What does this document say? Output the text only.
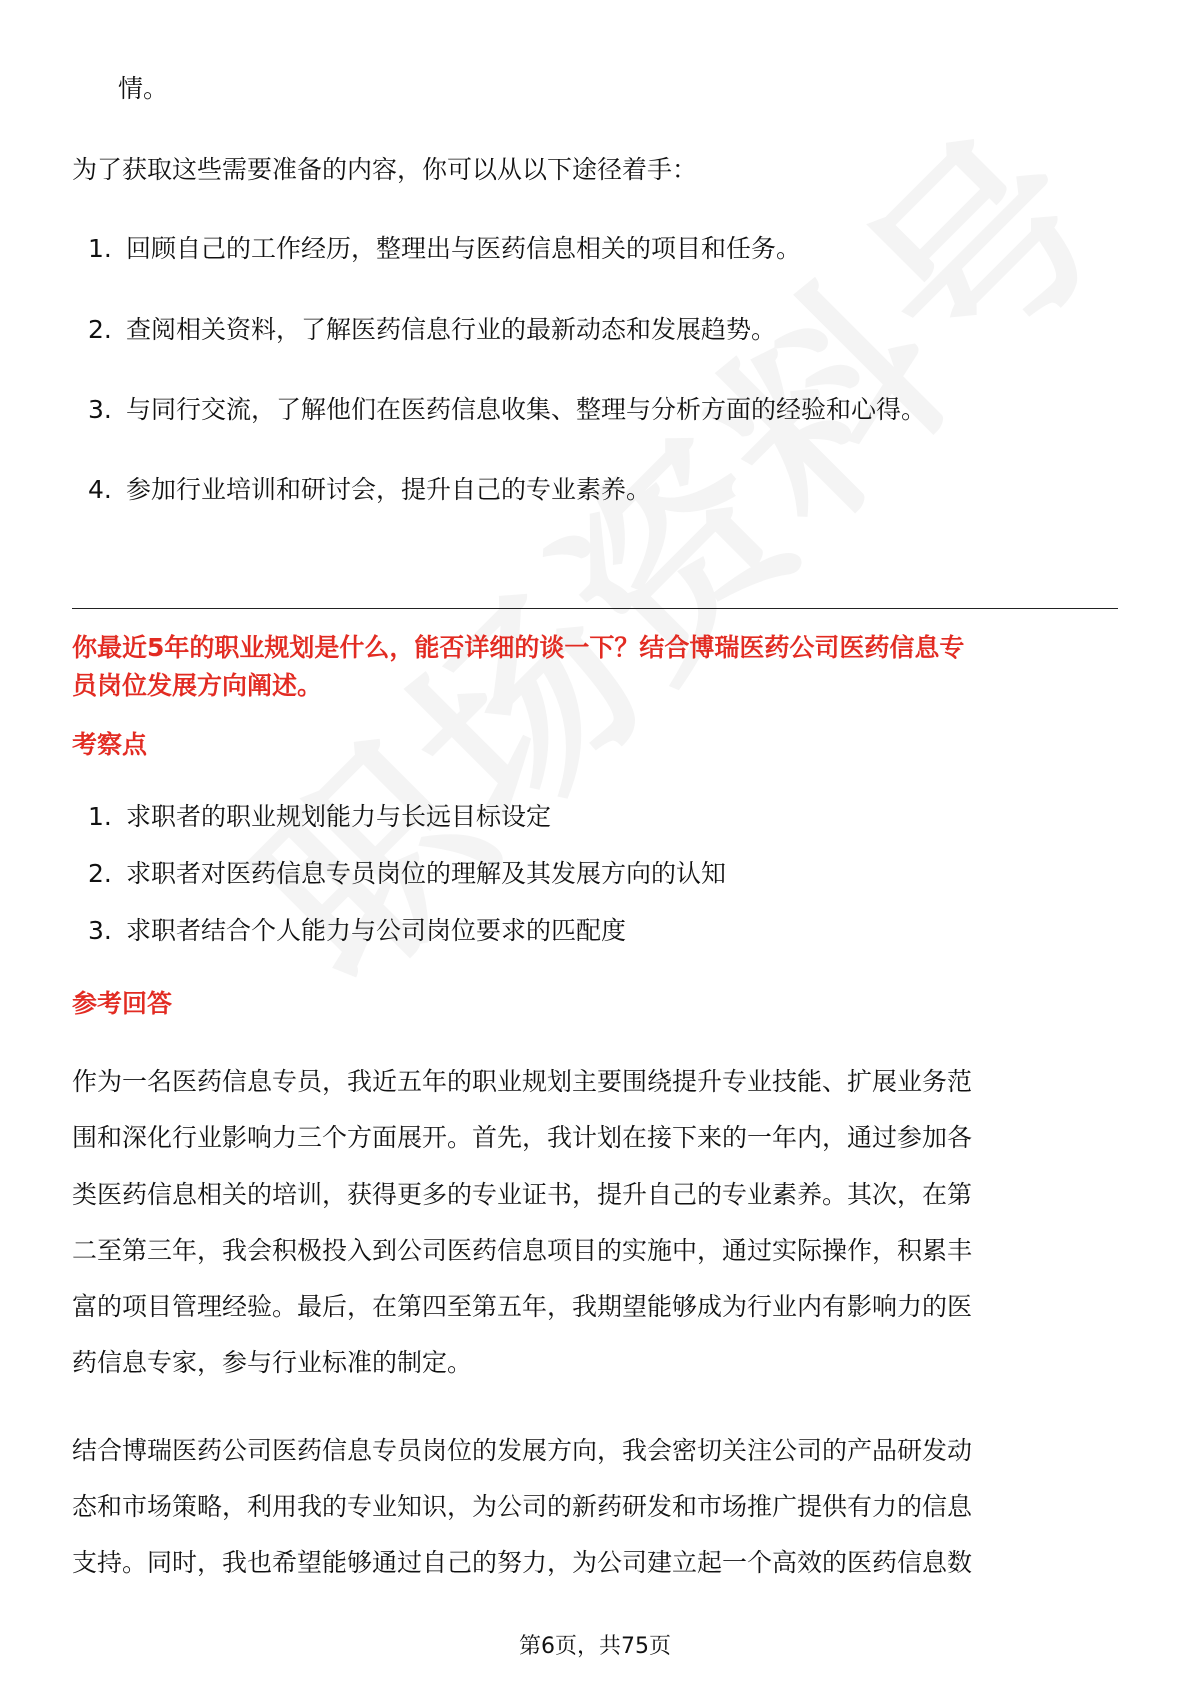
情。
为了获取这些需要准备的内容，你可以从以下途径着手：
1. 回顾自己的工作经历，整理出与医药信息相关的项目和任务。
2. 查阅相关资料，了解医药信息行业的最新动态和发展趋势。
3. 与同行交流，了解他们在医药信息收集、整理与分析方面的经验和心得。
4. 参加行业培训和研讨会，提升自己的专业素养。
你最近5年的职业规划是什么，能否详细的谈一下？结合博瑞医药公司医药信息专
员岗位发展方向阐述。
考察点
1. 求职者的职业规划能力与长远目标设定
2. 求职者对医药信息专员岗位的理解及其发展方向的认知
3. 求职者结合个人能力与公司岗位要求的匹配度
参考回答
作为一名医药信息专员，我近五年的职业规划主要围绕提升专业技能、扩展业务范
围和深化行业影响力三个方面展开。首先，我计划在接下来的一年内，通过参加各
类医药信息相关的培训，获得更多的专业证书，提升自己的专业素养。其次，在第
二至第三年，我会积极投入到公司医药信息项目的实施中，通过实际操作，积累丰
富的项目管理经验。最后，在第四至第五年，我期望能够成为行业内有影响力的医
药信息专家，参与行业标准的制定。
结合博瑞医药公司医药信息专员岗位的发展方向，我会密切关注公司的产品研发动
态和市场策略，利用我的专业知识，为公司的新药研发和市场推广提供有力的信息
支持。同时，我也希望能够通过自己的努力，为公司建立起一个高效的医药信息数
第6页，共75页
